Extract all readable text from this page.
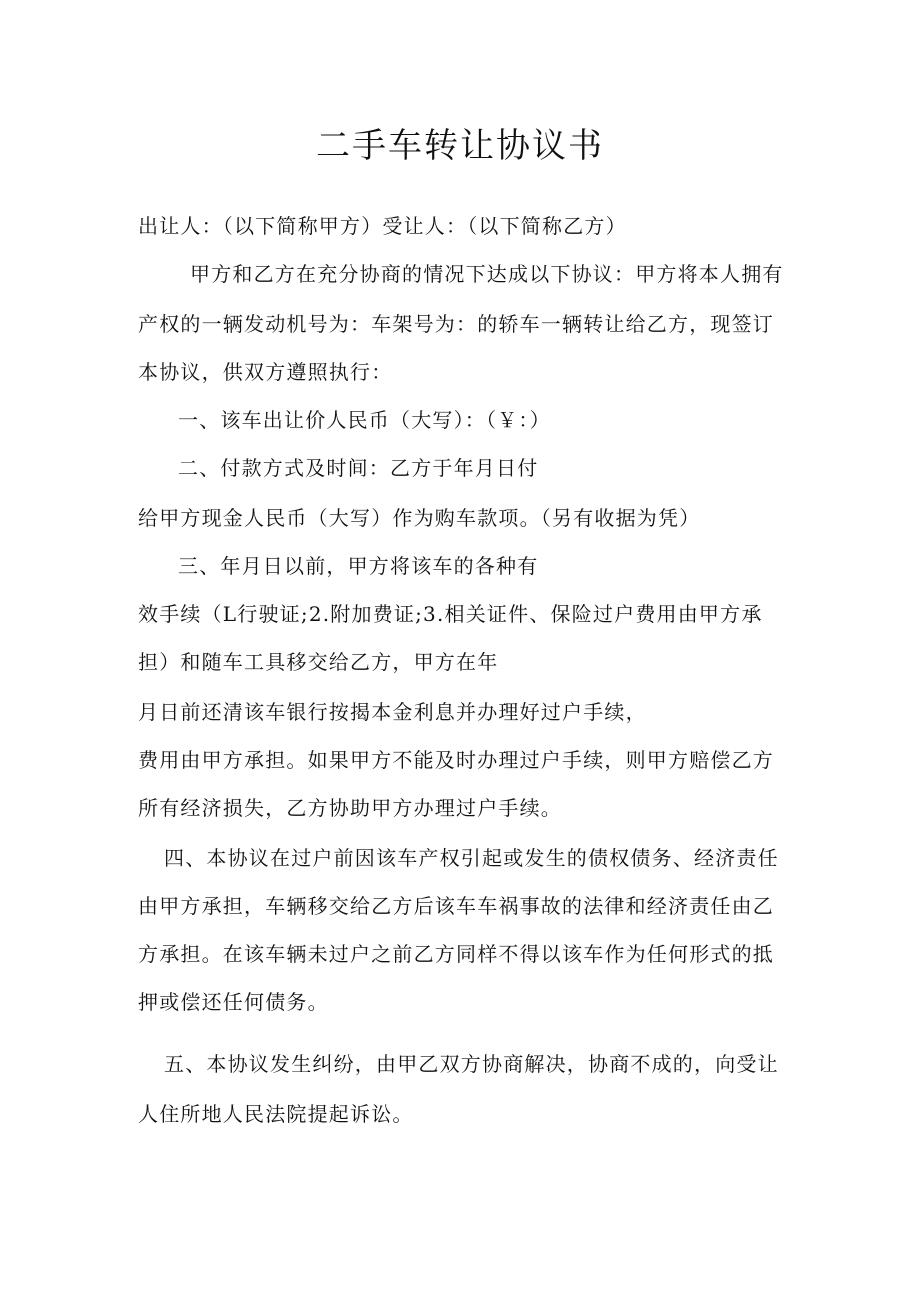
二手车转让协议书
出让人：（以下简称甲方）受让人：（以下简称乙方）
甲方和乙方在充分协商的情况下达成以下协议：甲方将本人拥有
产权的一辆发动机号为：车架号为：的轿车一辆转让给乙方，现签订
本协议，供双方遵照执行：
一、该车出让价人民币（大写）：（￥：）
二、付款方式及时间：乙方于年月日付
给甲方现金人民币（大写）作为购车款项。（另有收据为凭）
三、年月日以前，甲方将该车的各种有
效手续（L行驶证;2.附加费证;3.相关证件、保险过户费用由甲方承
担）和随车工具移交给乙方，甲方在年
月日前还清该车银行按揭本金利息并办理好过户手续，
费用由甲方承担。如果甲方不能及时办理过户手续，则甲方赔偿乙方
所有经济损失，乙方协助甲方办理过户手续。
四、本协议在过户前因该车产权引起或发生的债权债务、经济责任
由甲方承担，车辆移交给乙方后该车车祸事故的法律和经济责任由乙
方承担。在该车辆未过户之前乙方同样不得以该车作为任何形式的抵
押或偿还任何债务。
五、本协议发生纠纷，由甲乙双方协商解决，协商不成的，向受让
人住所地人民法院提起诉讼。
